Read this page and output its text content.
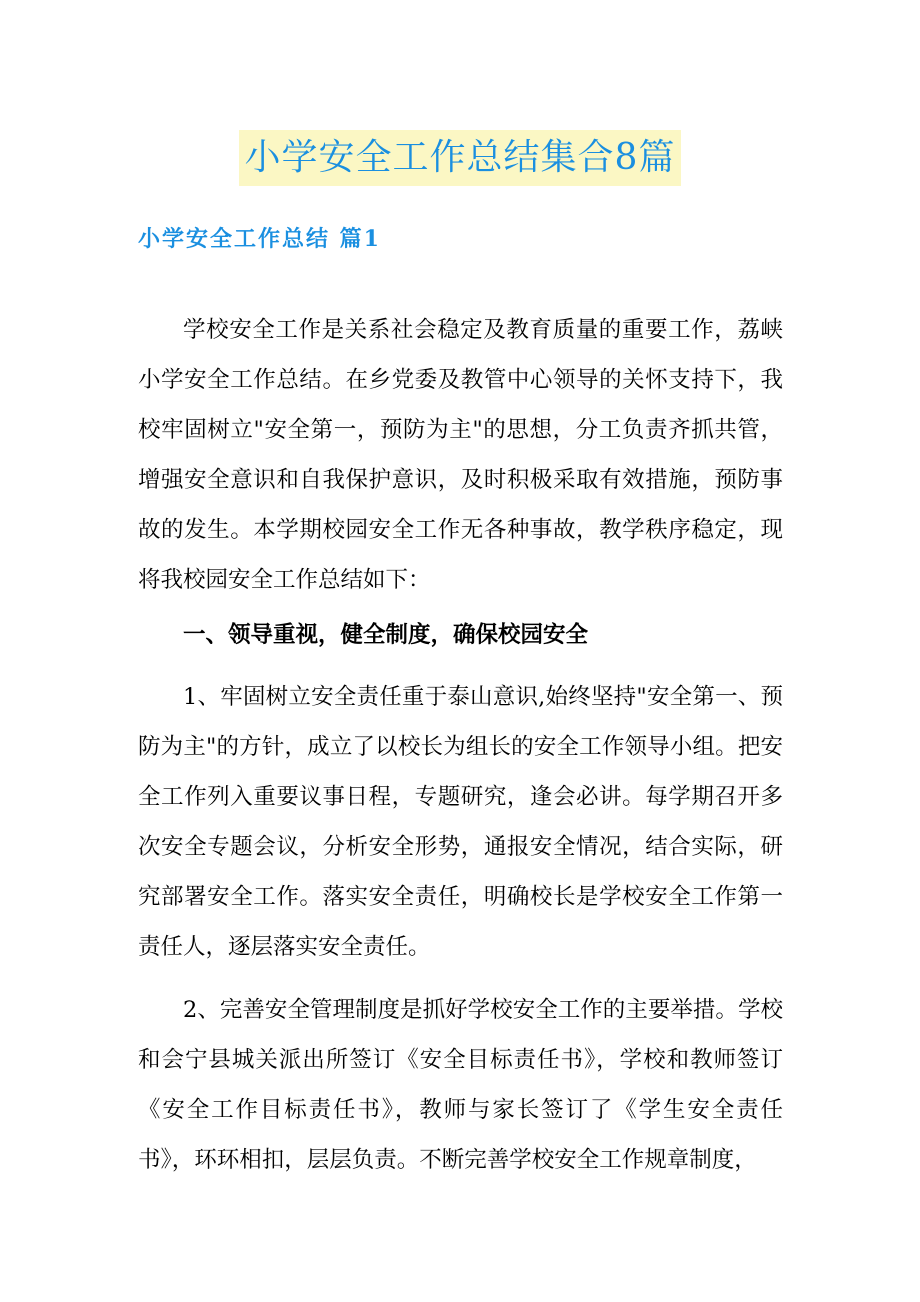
小学安全工作总结集合8篇
小学安全工作总结 篇1

学校安全工作是关系社会稳定及教育质量的重要工作，荔峡小学安全工作总结。在乡党委及教管中心领导的关怀支持下，我校牢固树立"安全第一，预防为主"的思想，分工负责齐抓共管，增强安全意识和自我保护意识，及时积极采取有效措施，预防事故的发生。本学期校园安全工作无各种事故，教学秩序稳定，现将我校园安全工作总结如下：

一、领导重视，健全制度，确保校园安全

1、牢固树立安全责任重于泰山意识,始终坚持"安全第一、预防为主"的方针，成立了以校长为组长的安全工作领导小组。把安全工作列入重要议事日程，专题研究，逢会必讲。每学期召开多次安全专题会议，分析安全形势，通报安全情况，结合实际，研究部署安全工作。落实安全责任，明确校长是学校安全工作第一责任人，逐层落实安全责任。

2、完善安全管理制度是抓好学校安全工作的主要举措。学校和会宁县城关派出所签订《安全目标责任书》，学校和教师签订《安全工作目标责任书》，教师与家长签订了《学生安全责任书》，环环相扣，层层负责。不断完善学校安全工作规章制度，
